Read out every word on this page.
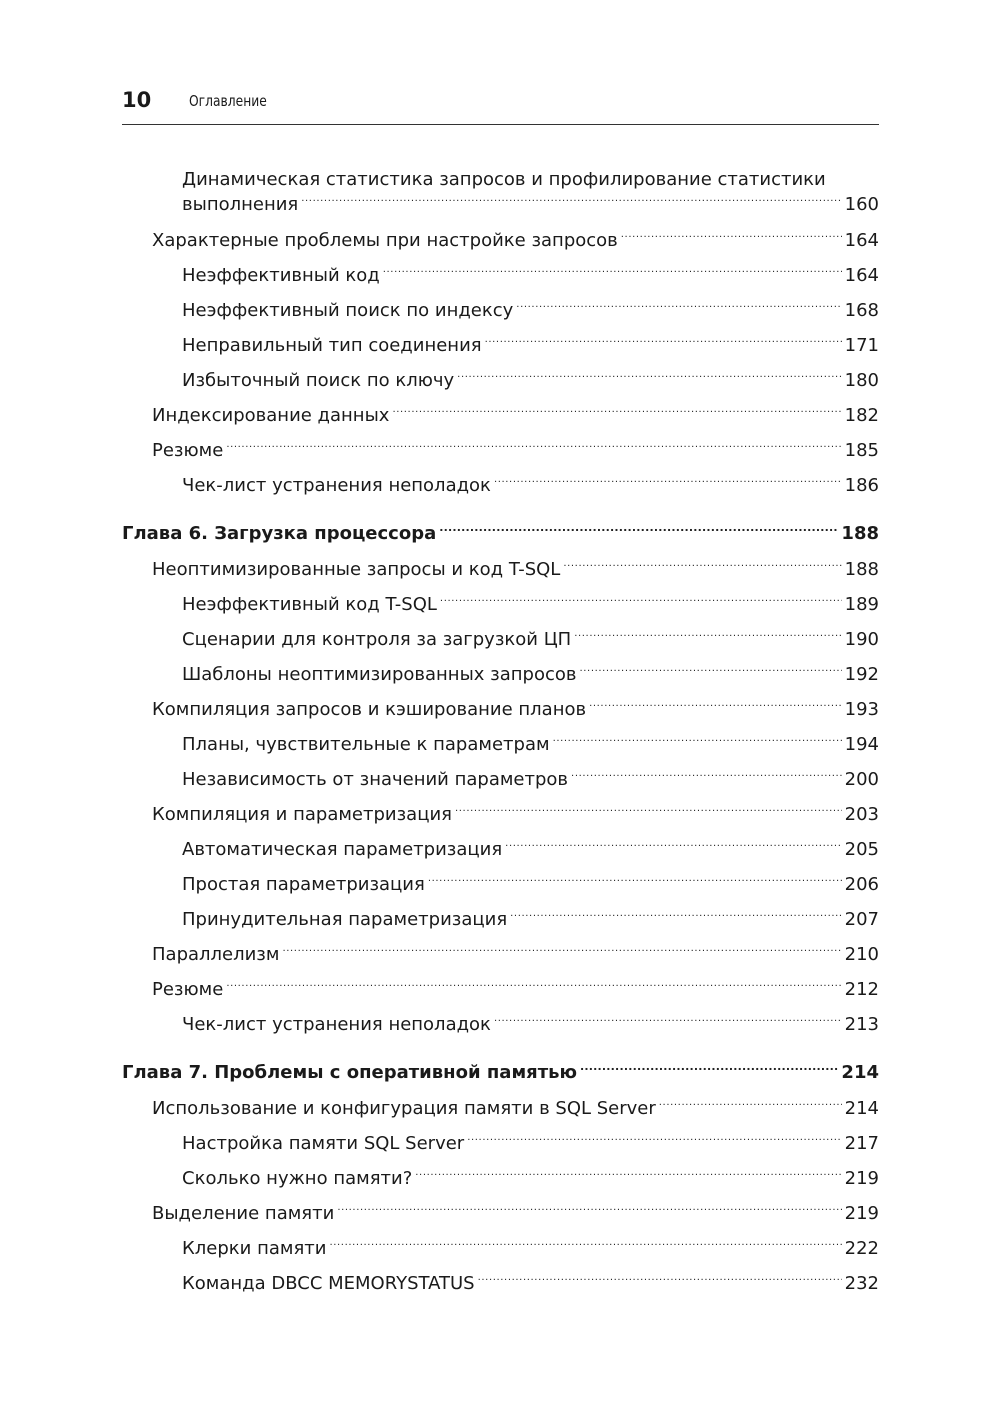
10	Оглавление
Динамическая статистика запросов и профилирование статистики
выполнения .....	160
Характерные проблемы при настройке запросов .....	164
Неэффективный код .....	164
Неэффективный поиск по индексу .....	168
Неправильный тип соединения .....	171
Избыточный поиск по ключу .....	180
Индексирование данных .....	182
Резюме .....	185
Чек-лист устранения неполадок .....	186
Глава 6. Загрузка процессора .....	188
Неоптимизированные запросы и код T-SQL .....	188
Неэффективный код T-SQL .....	189
Сценарии для контроля за загрузкой ЦП .....	190
Шаблоны неоптимизированных запросов .....	192
Компиляция запросов и кэширование планов .....	193
Планы, чувствительные к параметрам .....	194
Независимость от значений параметров .....	200
Компиляция и параметризация .....	203
Автоматическая параметризация .....	205
Простая параметризация .....	206
Принудительная параметризация .....	207
Параллелизм .....	210
Резюме .....	212
Чек-лист устранения неполадок .....	213
Глава 7. Проблемы с оперативной памятью .....	214
Использование и конфигурация памяти в SQL Server .....	214
Настройка памяти SQL Server .....	217
Сколько нужно памяти? .....	219
Выделение памяти .....	219
Клерки памяти .....	222
Команда DBCC MEMORYSTATUS .....	232
